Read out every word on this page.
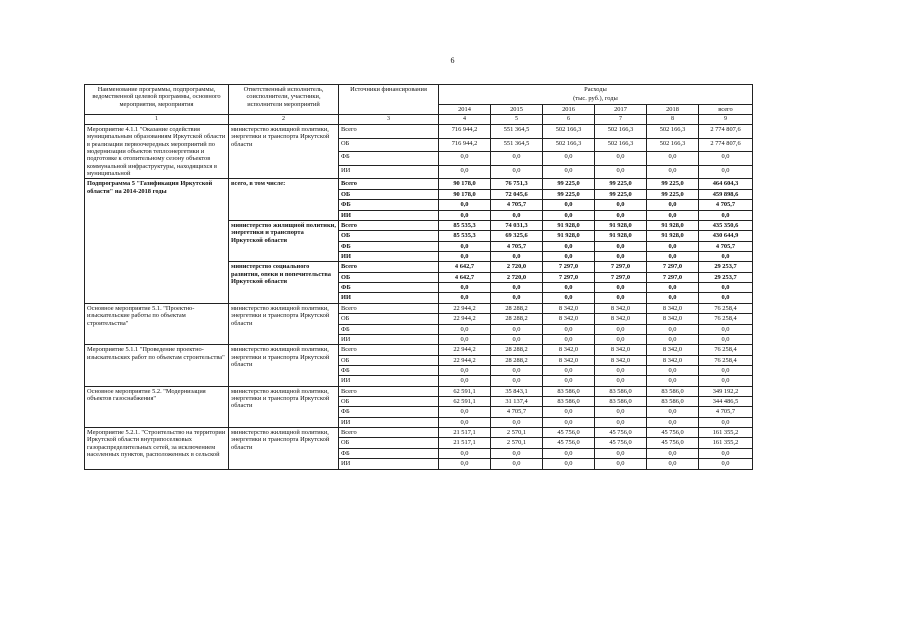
6
Наименование программы, подпрограммы, ведомственной целевой программы, основного мероприятия, мероприятия	Ответственный исполнитель, соисполнители, участники, исполнители мероприятий	Источники финансирования	Расходы					
			(тыс. руб.), годы					
			2014	2015	2016	2017	2018	всего
1	2	3	4	5	6	7	8	9
Мероприятие 4.1.1 "Оказание содействия муниципальным образованиям Иркутской области в реализации первоочередных мероприятий по модернизации объектов теплоэнергетики и подготовке к отопительному сезону объектов коммунальной инфраструктуры, находящихся в муниципальной	министерство жилищной политики, энергетики и транспорта Иркутской области	Всего	716 944,2	551 364,5	502 166,3	502 166,3	502 166,3	2 774 807,6
		ОБ	716 944,2	551 364,5	502 166,3	502 166,3	502 166,3	2 774 807,6
		ФБ	0,0	0,0	0,0	0,0	0,0	0,0
		ИИ	0,0	0,0	0,0	0,0	0,0	0,0
Подпрограмма 5 "Газификация Иркутской области" на 2014-2018 годы	всего, в том числе:	Всего	90 178,0	76 751,3	99 225,0	99 225,0	99 225,0	464 604,3
		ОБ	90 178,0	72 045,6	99 225,0	99 225,0	99 225,0	459 898,6
		ФБ	0,0	4 705,7	0,0	0,0	0,0	4 705,7
		ИИ	0,0	0,0	0,0	0,0	0,0	0,0
	министерство жилищной политики, энергетики и транспорта Иркутской области	Всего	85 535,3	74 031,3	91 928,0	91 928,0	91 928,0	435 350,6
		ОБ	85 535,3	69 325,6	91 928,0	91 928,0	91 928,0	430 644,9
		ФБ	0,0	4 705,7	0,0	0,0	0,0	4 705,7
		ИИ	0,0	0,0	0,0	0,0	0,0	0,0
	министерство социального развития, опеки и попечительства Иркутской области	Всего	4 642,7	2 720,0	7 297,0	7 297,0	7 297,0	29 253,7
		ОБ	4 642,7	2 720,0	7 297,0	7 297,0	7 297,0	29 253,7
		ФБ	0,0	0,0	0,0	0,0	0,0	0,0
		ИИ	0,0	0,0	0,0	0,0	0,0	0,0
Основное мероприятие 5.1. "Проектно-изыскательские работы по объектам строительства"	министерство жилищной политики, энергетики и транспорта Иркутской области	Всего	22 944,2	28 288,2	8 342,0	8 342,0	8 342,0	76 258,4
		ОБ	22 944,2	28 288,2	8 342,0	8 342,0	8 342,0	76 258,4
		ФБ	0,0	0,0	0,0	0,0	0,0	0,0
		ИИ	0,0	0,0	0,0	0,0	0,0	0,0
Мероприятие 5.1.1 "Проведение проектно-изыскательских работ по объектам строительства"	министерство жилищной политики, энергетики и транспорта Иркутской области	Всего	22 944,2	28 288,2	8 342,0	8 342,0	8 342,0	76 258,4
		ОБ	22 944,2	28 288,2	8 342,0	8 342,0	8 342,0	76 258,4
		ФБ	0,0	0,0	0,0	0,0	0,0	0,0
		ИИ	0,0	0,0	0,0	0,0	0,0	0,0
Основное мероприятие 5.2. "Модернизация объектов газоснабжения"	министерство жилищной политики, энергетики и транспорта Иркутской области	Всего	62 591,1	35 843,1	83 586,0	83 586,0	83 586,0	349 192,2
		ОБ	62 591,1	31 137,4	83 586,0	83 586,0	83 586,0	344 486,5
		ФБ	0,0	4 705,7	0,0	0,0	0,0	4 705,7
		ИИ	0,0	0,0	0,0	0,0	0,0	0,0
Мероприятие 5.2.1. "Строительство на территории Иркутской области внутрипоселковых газораспределительных сетей, за исключением населенных пунктов, расположенных в сельской	министерство жилищной политики, энергетики и транспорта Иркутской области	Всего	21 517,1	2 570,1	45 756,0	45 756,0	45 756,0	161 355,2
		ОБ	21 517,1	2 570,1	45 756,0	45 756,0	45 756,0	161 355,2
		ФБ	0,0	0,0	0,0	0,0	0,0	0,0
		ИИ	0,0	0,0	0,0	0,0	0,0	0,0
